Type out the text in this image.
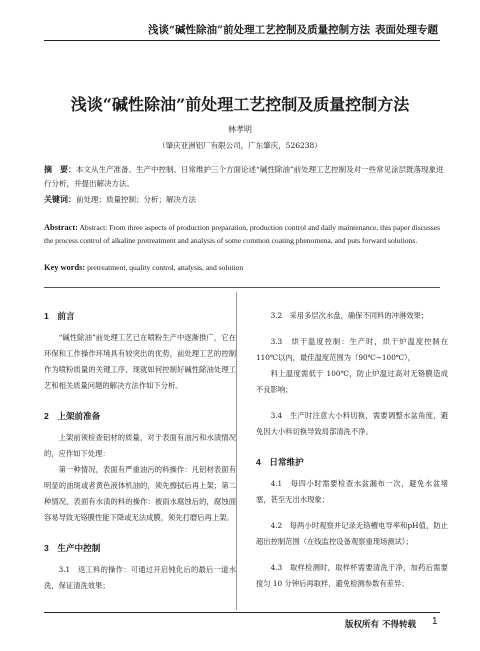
浅谈“碱性除油”前处理工艺控制及质量控制方法 表面处理专题
浅谈“碱性除油”前处理工艺控制及质量控制方法
林孝明
（肇庆亚洲铝厂有限公司，广东肇庆，526238）
摘　要：本文从生产准备、生产中控制、日常维护三个方面论述“碱性除油”前处理工艺控制及对一些常见涂层既落现象进行分析，并提出解决方法。
关键词：前处理；质量控制；分析；解决方法
Abstract: Abstract: From three aspects of production preparation, production control and daily maintenance, this paper discusses the process control of alkaline pretreatment and analysis of some common coating phenomena, and puts forward solutions.
Key words: pretreatment, quality control, analysis, and solution
1　前言

“碱性除油”前处理工艺已在喷粉生产中逐渐推广，它在环保和工作操作环境具有较突出的优势，前处理工艺的控制作为喷粉质量的关键工序，现就如何控制好碱性除油处理工艺和相关质量问题的解决方法作如下分析。

2　上架前准备

上架前须检查铝材的质量，对于表面有油污和水渍情况的，应作如下处理：

第一种情况，表面有严重油污的料操作：凡铝材表面有明显的油斑或者黄色液体机油的，须先擦拭后再上架；第二种情况，表面有水渍的料的操作：被雨水腐蚀后的，腐蚀面容易导致无铬膜性能下降或无法成膜，须先打磨后再上架。

3　生产中控制

3.1　返工料的操作：可通过开启钝化后的最后一道水洗，保证清洗效果；

3.2　采用多层次水盘，确保不同料的冲淋效果；

3.3　烘干温度控制：生产时，烘干炉温度控制在110℃以内，最佳温度范围为（90℃~100℃），

料上温度需低于 100℃，防止炉温过高对无铬膜造成不良影响；

3.4　生产时注意大小料切换，需要调整水盆角度，避免因大小料切换导致局部清洗不净。

4　日常维护

4.1　每四小时需要检查水盆漏布一次，避免水盆堵塞，甚至无出水现象；

4.2　每两小时观察并记录无铬槽电导率和pH值，防止超出控制范围（在线监控设备观察重现场测试）；

4.3　取样检测时，取样杯需要清洗干净，加药后需要搅匀 10 分钟后再取样，避免检测参数有差异；

版权所有 不得转载 1
